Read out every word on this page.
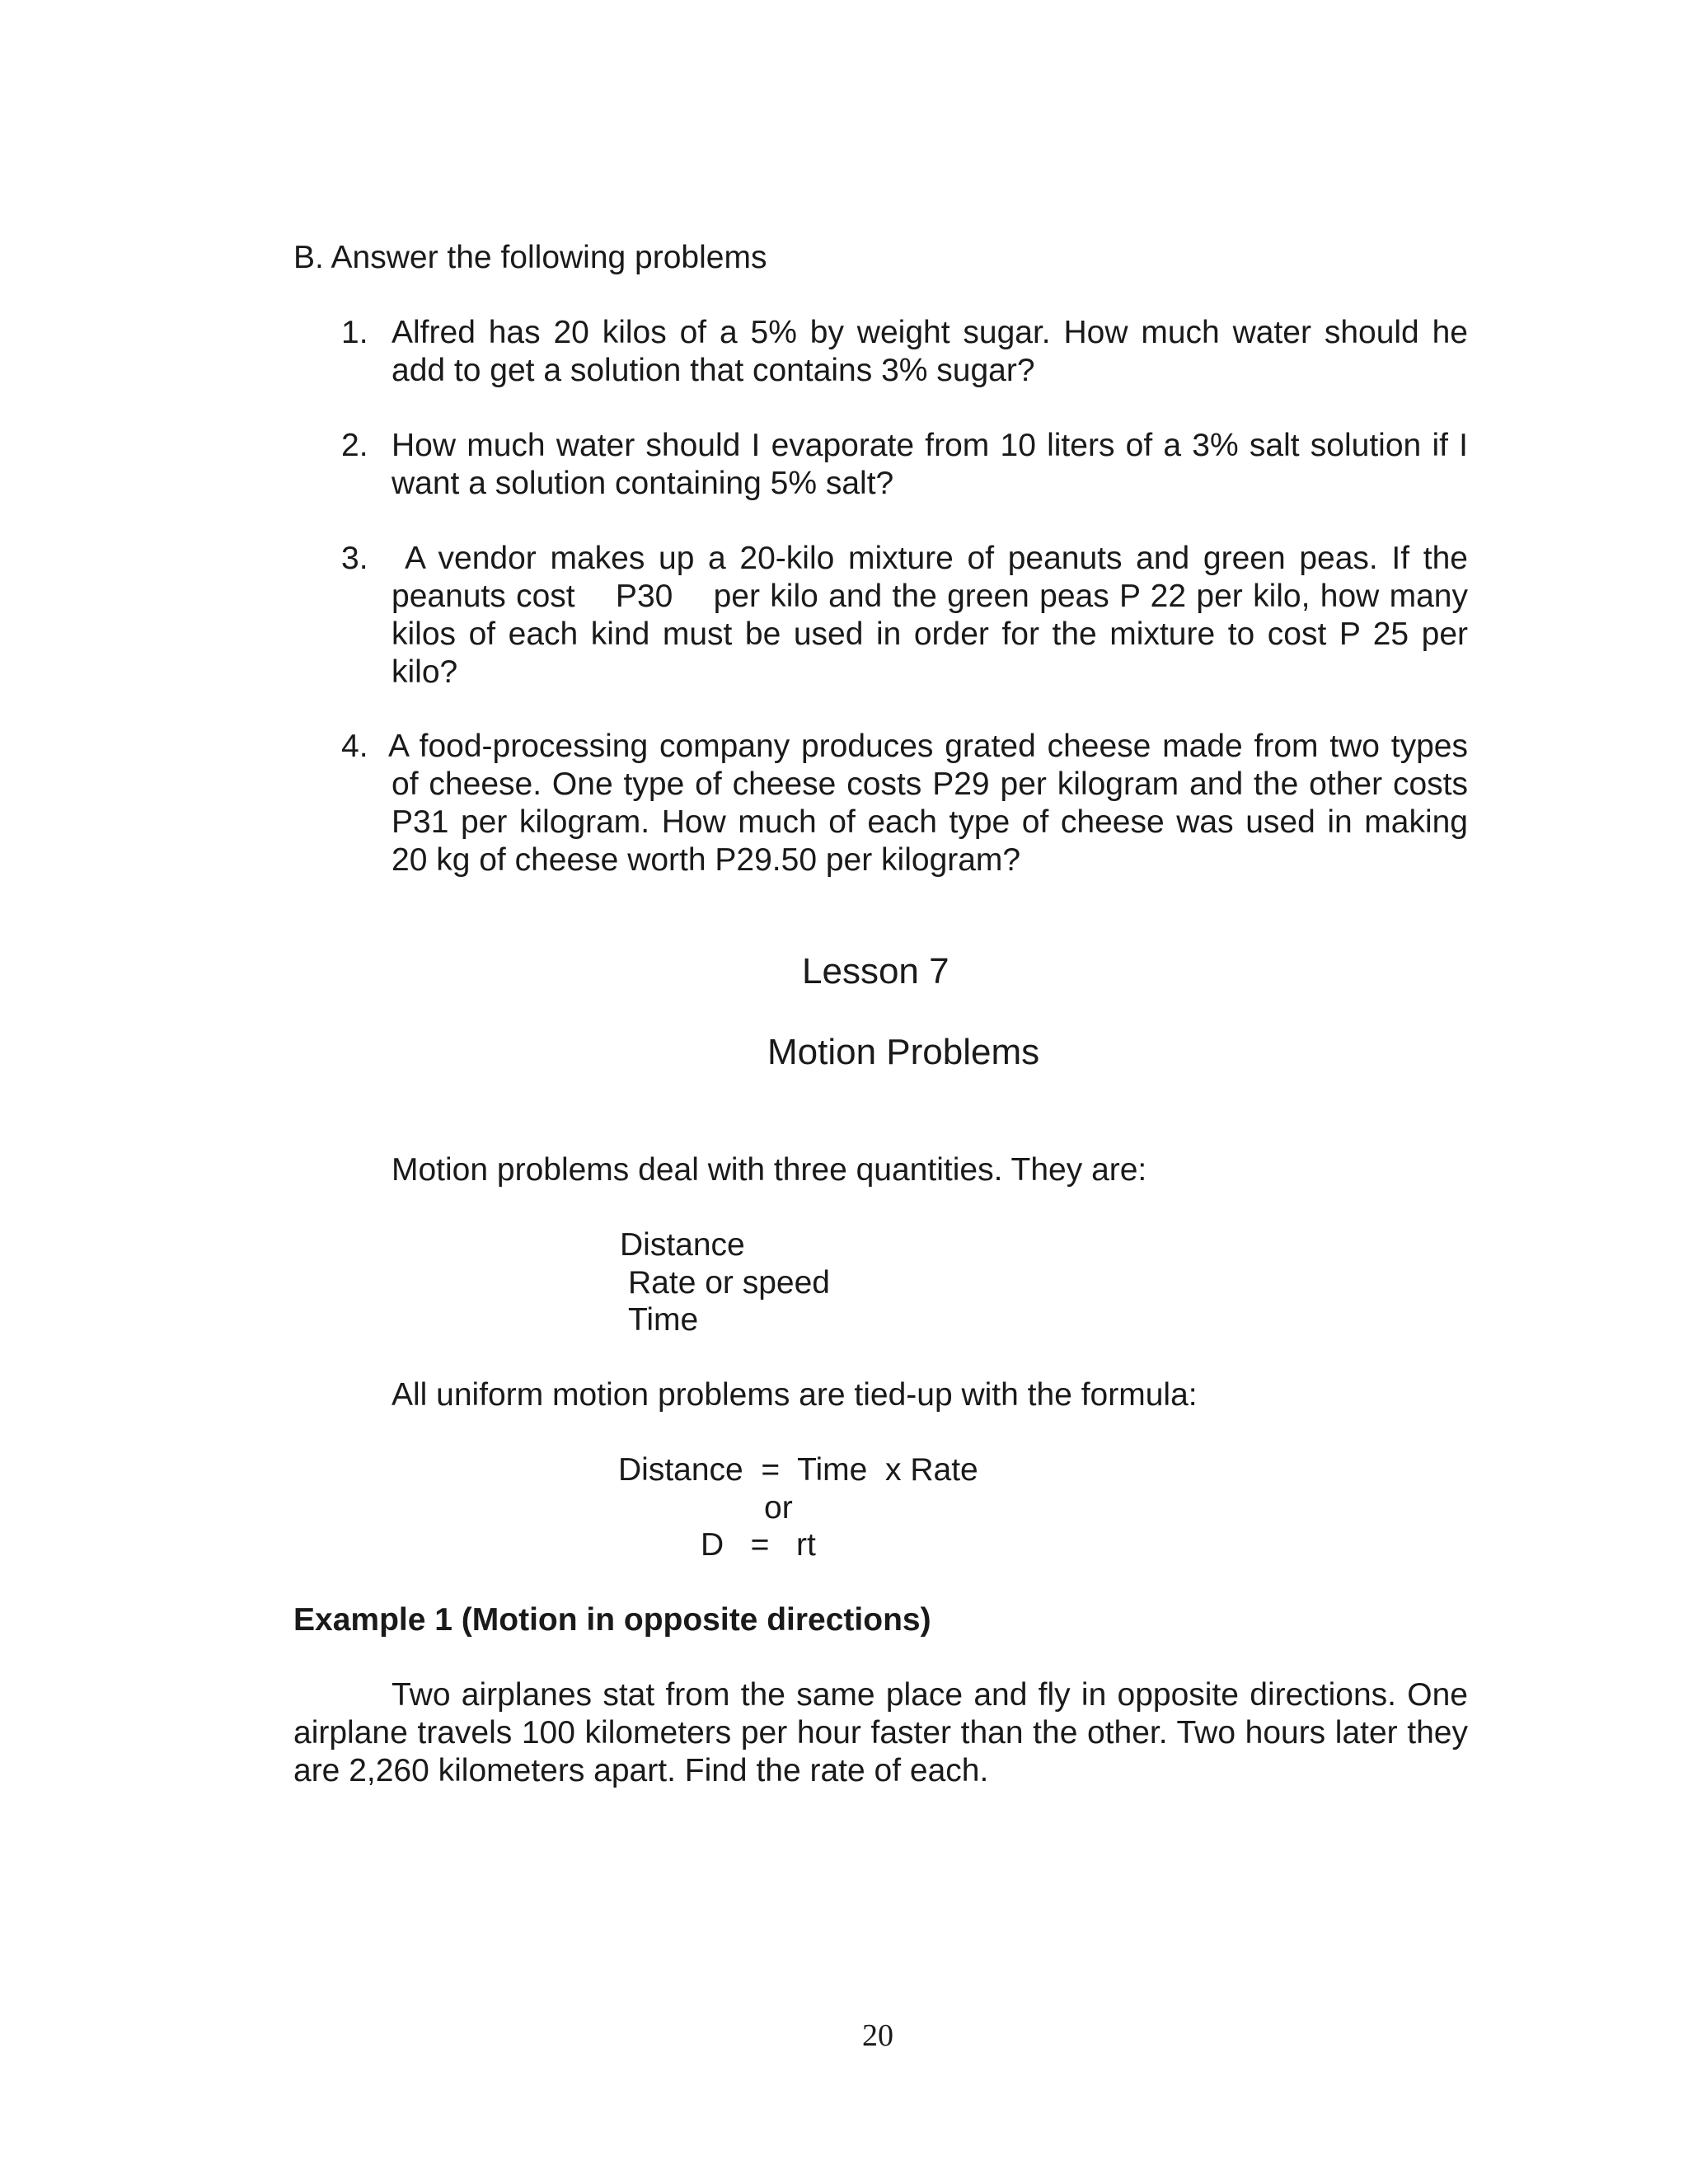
B. Answer the following problems
1. Alfred has 20 kilos of a 5% by weight sugar. How much water should he add to get a solution that contains 3% sugar?
2. How much water should I evaporate from 10 liters of a 3% salt solution if I want a solution containing 5% salt?
3.	A vendor makes up a 20-kilo mixture of peanuts and green peas. If the peanuts cost    P30    per kilo and the green peas P 22 per kilo, how many kilos of each kind must be used in order for the mixture to cost P 25 per kilo?
4. A food-processing company produces grated cheese made from two types of cheese. One type of cheese costs P29 per kilogram and the other costs P31 per kilogram. How much of each type of cheese was used in making 20 kg of cheese worth P29.50 per kilogram?
Lesson 7
Motion Problems
Motion problems deal with three quantities. They are:
Distance
Rate or speed
Time
All uniform motion problems are tied-up with the formula:
Distance  =  Time  x Rate
or
D   =   rt
Example 1 (Motion in opposite directions)
Two airplanes stat from the same place and fly in opposite directions. One airplane travels 100 kilometers per hour faster than the other. Two hours later they are 2,260 kilometers apart. Find the rate of each.
20
